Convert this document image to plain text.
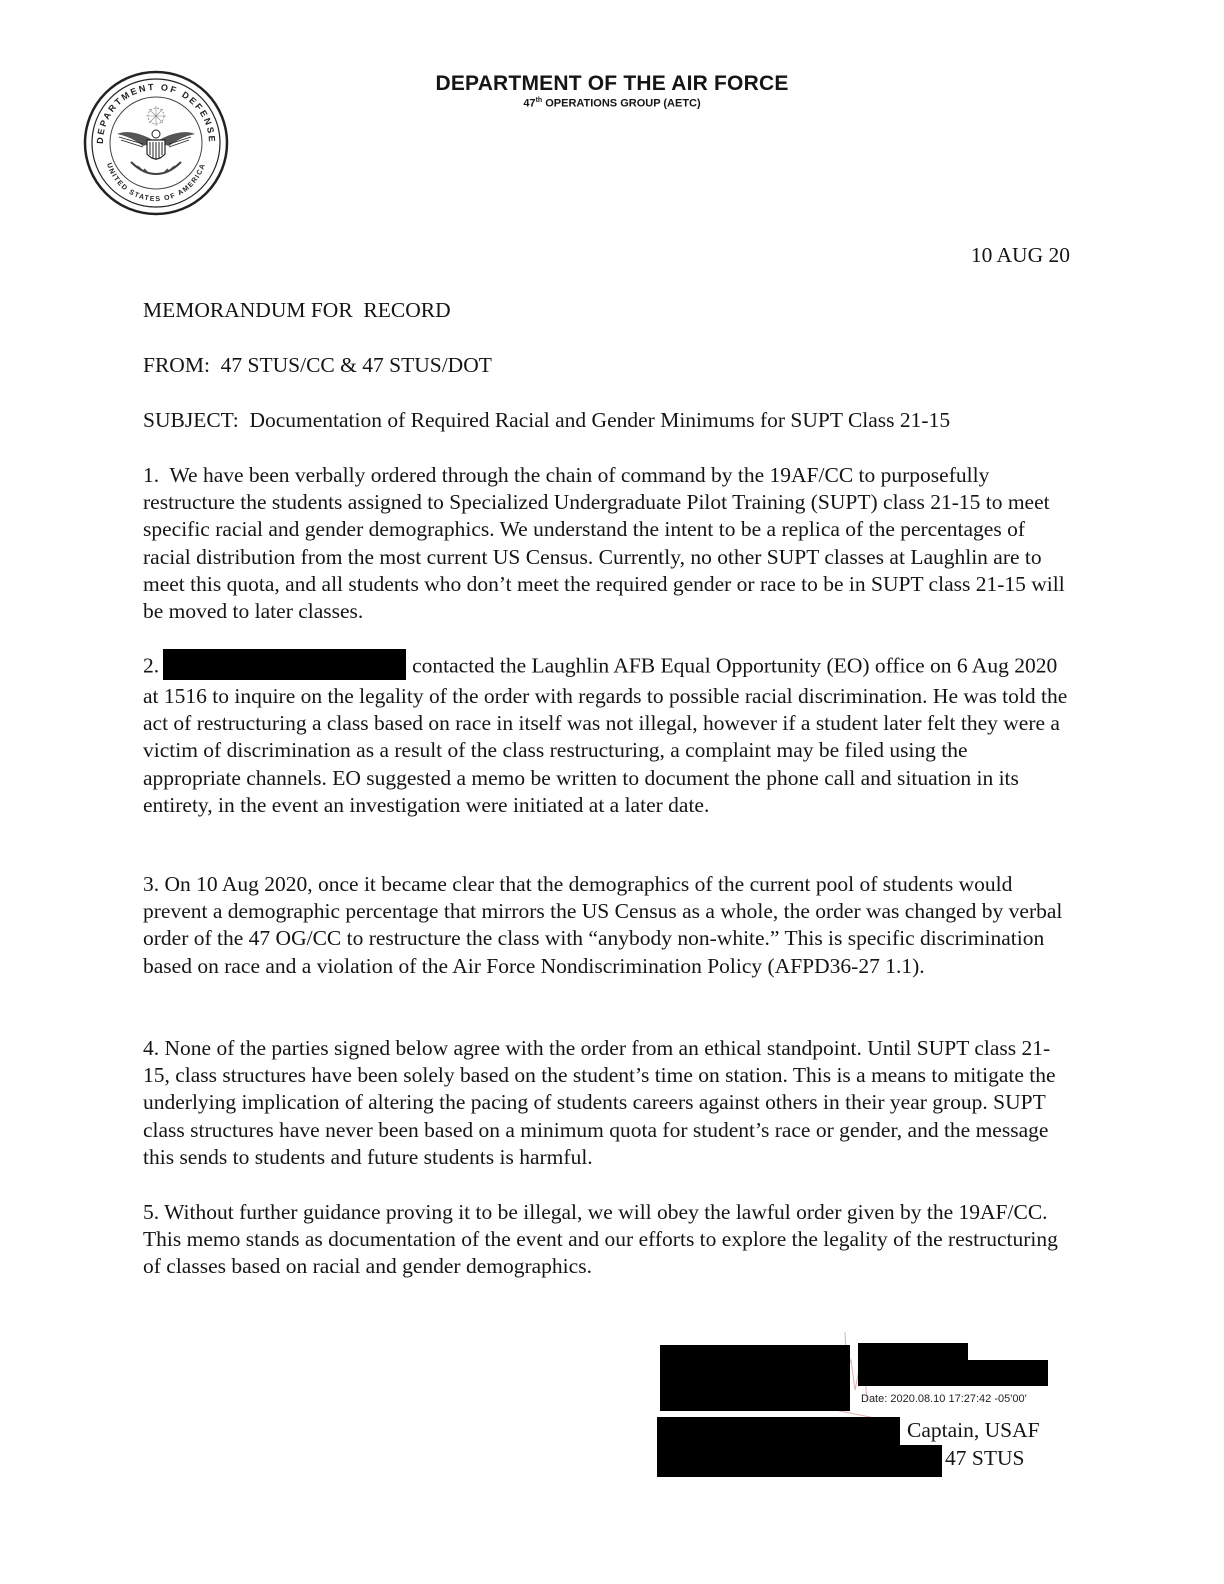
DEPARTMENT OF DEFENSE
UNITED STATES OF AMERICA
DEPARTMENT OF THE AIR FORCE
47th OPERATIONS GROUP (AETC)
10 AUG 20
MEMORANDUM FOR  RECORD
FROM:  47 STUS/CC & 47 STUS/DOT
SUBJECT:  Documentation of Required Racial and Gender Minimums for SUPT Class 21-15
1.  We have been verbally ordered through the chain of command by the 19AF/CC to purposefully restructure the students assigned to Specialized Undergraduate Pilot Training (SUPT) class 21-15 to meet specific racial and gender demographics. We understand the intent to be a replica of the percentages of racial distribution from the most current US Census. Currently, no other SUPT classes at Laughlin are to meet this quota, and all students who don’t meet the required gender or race to be in SUPT class 21-15 will be moved to later classes.
2.	contacted the Laughlin AFB Equal Opportunity (EO) office on 6 Aug 2020 at 1516 to inquire on the legality of the order with regards to possible racial discrimination. He was told the act of restructuring a class based on race in itself was not illegal, however if a student later felt they were a victim of discrimination as a result of the class restructuring, a complaint may be filed using the appropriate channels. EO suggested a memo be written to document the phone call and situation in its entirety, in the event an investigation were initiated at a later date.
3. On 10 Aug 2020, once it became clear that the demographics of the current pool of students would prevent a demographic percentage that mirrors the US Census as a whole, the order was changed by verbal order of the 47 OG/CC to restructure the class with “anybody non-white.” This is specific discrimination based on race and a violation of the Air Force Nondiscrimination Policy (AFPD36-27 1.1).
4. None of the parties signed below agree with the order from an ethical standpoint. Until SUPT class 21-15, class structures have been solely based on the student’s time on station. This is a means to mitigate the underlying implication of altering the pacing of students careers against others in their year group. SUPT class structures have never been based on a minimum quota for student’s race or gender, and the message this sends to students and future students is harmful.
5. Without further guidance proving it to be illegal, we will obey the lawful order given by the 19AF/CC. This memo stands as documentation of the event and our efforts to explore the legality of the restructuring of classes based on racial and gender demographics.
Date: 2020.08.10 17:27:42 -05'00'
Captain, USAF
47 STUS
